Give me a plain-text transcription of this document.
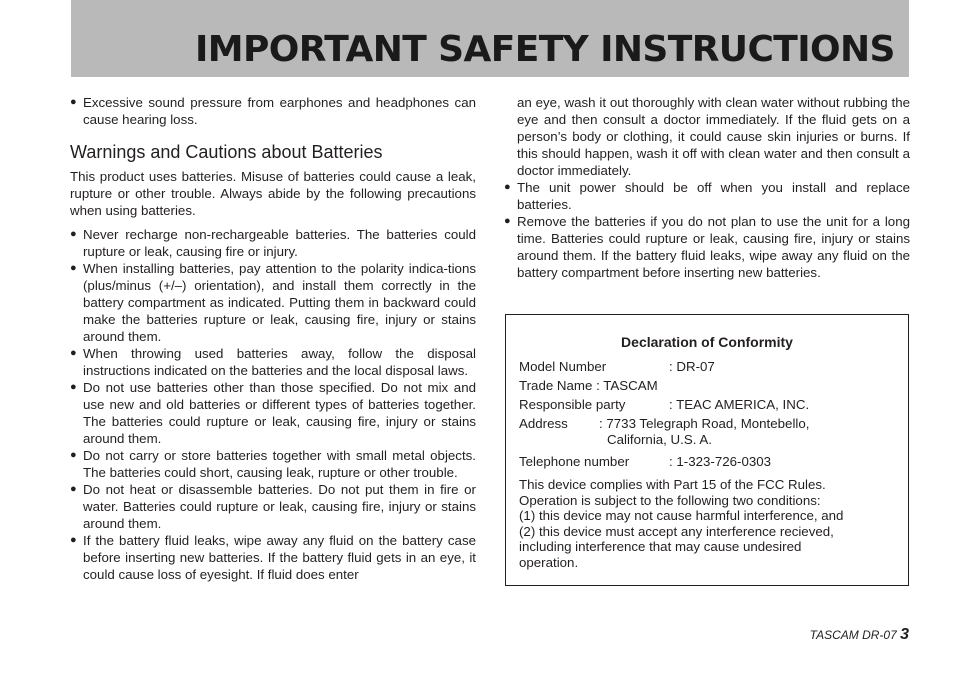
IMPORTANT SAFETY INSTRUCTIONS
● Excessive sound pressure from earphones and headphones can cause hearing loss.
Warnings and Cautions about Batteries

This product uses batteries. Misuse of batteries could cause a leak, rupture or other trouble. Always abide by the following precautions when using batteries.

● Never recharge non-rechargeable batteries. The batteries could rupture or leak, causing fire or injury.
● When installing batteries, pay attention to the polarity indica-tions (plus/minus (+/–) orientation), and install them correctly in the battery compartment as indicated. Putting them in backward could make the batteries rupture or leak, causing fire, injury or stains around them.
● When throwing used batteries away, follow the disposal instructions indicated on the batteries and the local disposal laws.
● Do not use batteries other than those specified. Do not mix and use new and old batteries or different types of batteries together. The batteries could rupture or leak, causing fire, injury or stains around them.
● Do not carry or store batteries together with small metal objects. The batteries could short, causing leak, rupture or other trouble.
● Do not heat or disassemble batteries. Do not put them in fire or water. Batteries could rupture or leak, causing fire, injury or stains around them.
● If the battery fluid leaks, wipe away any fluid on the battery case before inserting new batteries. If the battery fluid gets in an eye, it could cause loss of eyesight. If fluid does enter

an eye, wash it out thoroughly with clean water without rubbing the eye and then consult a doctor immediately. If the fluid gets on a person’s body or clothing, it could cause skin injuries or burns. If this should happen, wash it off with clean water and then consult a doctor immediately.

● The unit power should be off when you install and replace batteries.
● Remove the batteries if you do not plan to use the unit for a long time. Batteries could rupture or leak, causing fire, injury or stains around them. If the battery fluid leaks, wipe away any fluid on the battery compartment before inserting new batteries.
Declaration of Conformity
Model Number	: DR-07
Trade Name : TASCAM
Responsible party	: TEAC AMERICA, INC.
Address : 7733 Telegraph Road, Montebello,
California, U.S. A.
Telephone number	: 1-323-726-0303

This device complies with Part 15 of the FCC Rules.

Operation is subject to the following two conditions:

(1) this device may not cause harmful interference, and

(2) this device must accept any interference recieved,

including interference that may cause undesired

operation.

TASCAM DR-07 3
